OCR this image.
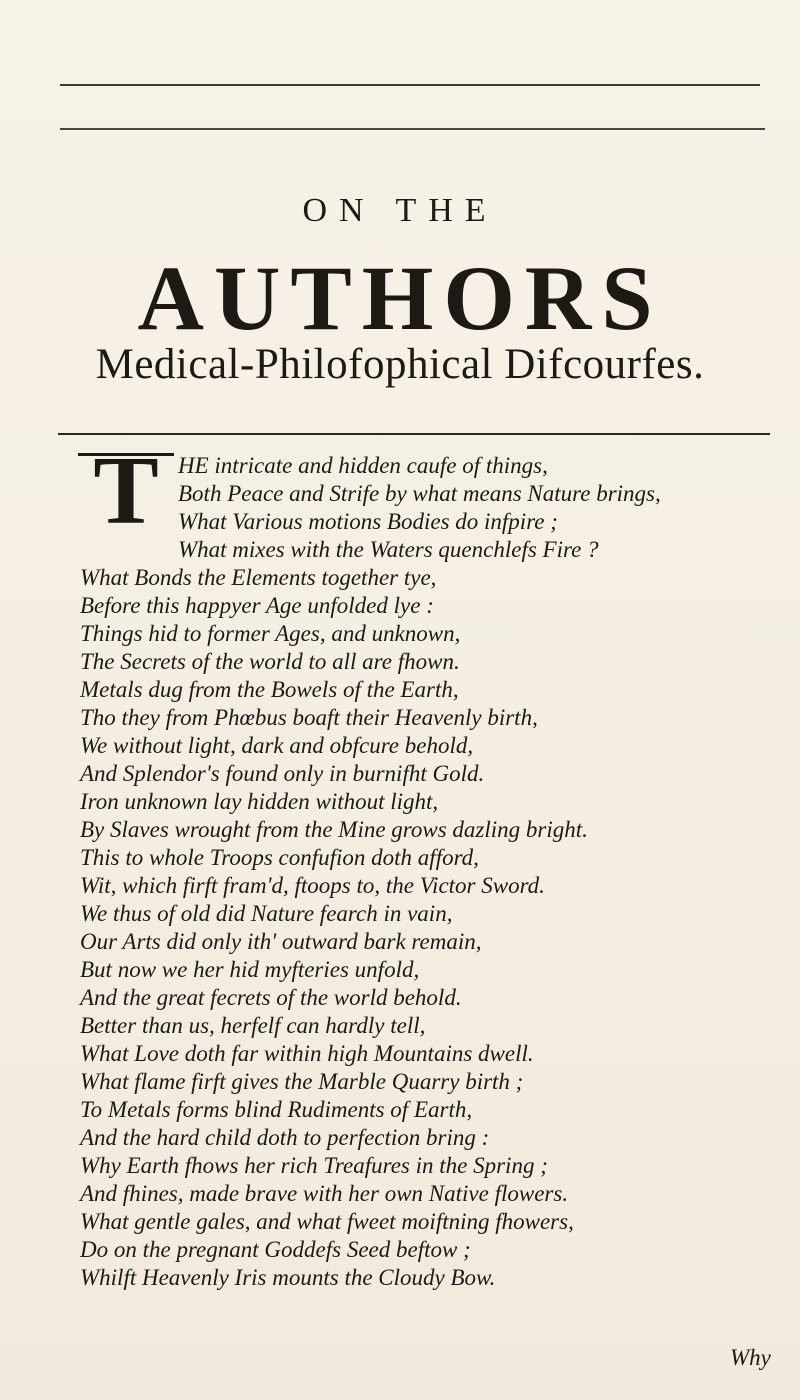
ON THE
AUTHORS
Medical-Philofophical Difcourfes.
T HE intricate and hidden caufe of things,
Both Peace and Strife by what means Nature brings,
What Various motions Bodies do infpire ;
What mixes with the Waters quenchlefs Fire ?
What Bonds the Elements together tye,
Before this happyer Age unfolded lye :
Things hid to former Ages, and unknown,
The Secrets of the world to all are fhown.
Metals dug from the Bowels of the Earth,
Tho they from Phœbus boaft their Heavenly birth,
We without light, dark and obfcure behold,
And Splendor's found only in burnifht Gold.
Iron unknown lay hidden without light,
By Slaves wrought from the Mine grows dazling bright.
This to whole Troops confufion doth afford,
Wit, which firft fram'd, ftoops to, the Victor Sword.
We thus of old did Nature fearch in vain,
Our Arts did only ith' outward bark remain,
But now we her hid myfteries unfold,
And the great fecrets of the world behold.
Better than us, herfelf can hardly tell,
What Love doth far within high Mountains dwell.
What flame firft gives the Marble Quarry birth ;
To Metals forms blind Rudiments of Earth,
And the hard child doth to perfection bring :
Why Earth fhows her rich Treafures in the Spring ;
And fhines, made brave with her own Native flowers.
What gentle gales, and what fweet moiftning fhowers,
Do on the pregnant Goddefs Seed beftow ;
Whilft Heavenly Iris mounts the Cloudy Bow.
Why
